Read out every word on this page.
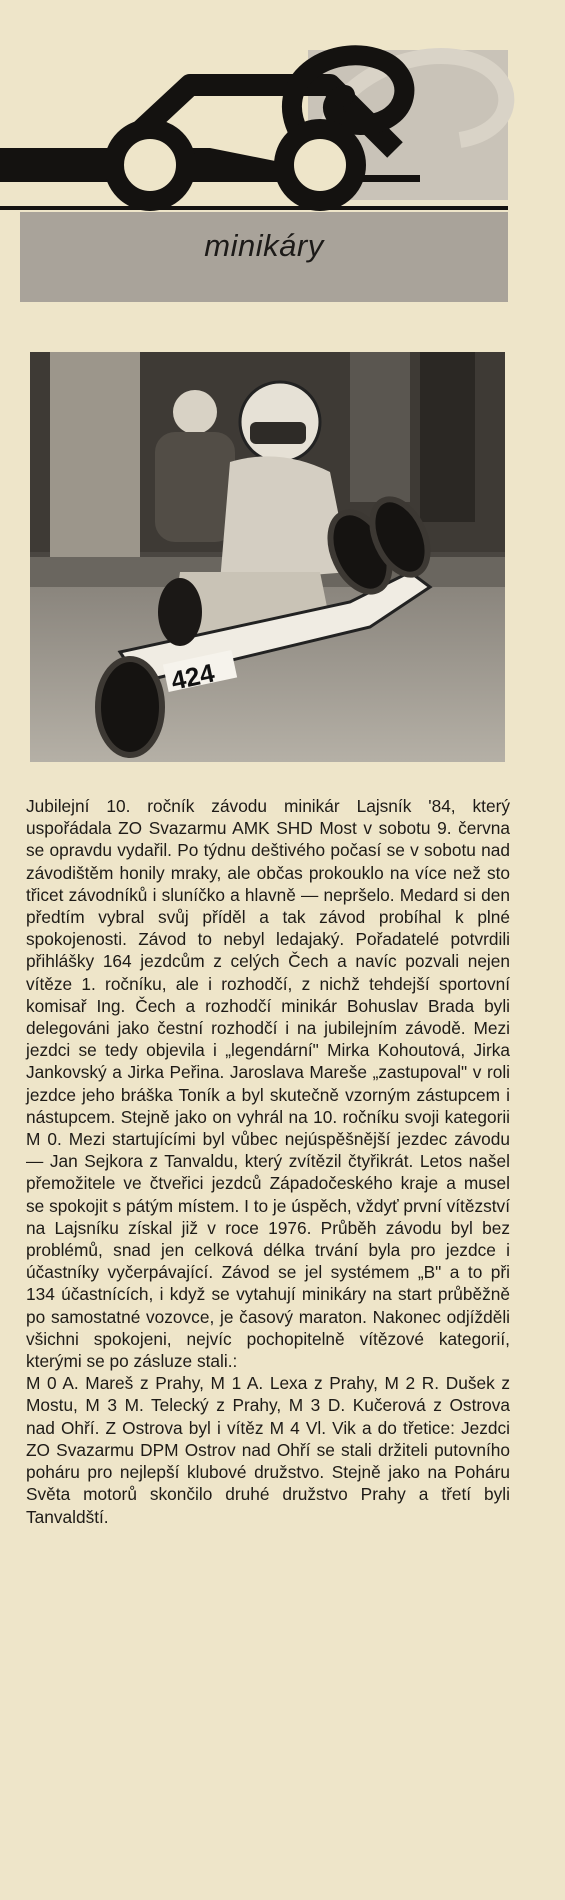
minikáry
424

Jubilejní 10. ročník závodu minikár Lajsník '84, který uspořádala ZO Svazarmu AMK SHD Most v sobotu 9. června se opravdu vydařil. Po týdnu deštivého počasí se v sobotu nad závodištěm honily mraky, ale občas prokouklo na více než sto třicet závodníků i sluníčko a hlavně — nepršelo. Medard si den předtím vybral svůj příděl a tak závod probíhal k plné spokojenosti. Závod to nebyl ledajaký. Pořadatelé potvrdili přihlášky 164 jezdcům z celých Čech a navíc pozvali nejen vítěze 1. ročníku, ale i rozhodčí, z nichž tehdejší sportovní komisař Ing. Čech a rozhodčí minikár Bohuslav Brada byli delegováni jako čestní rozhodčí i na jubilejním závodě. Mezi jezdci se tedy objevila i „legendární" Mirka Kohoutová, Jirka Jankovský a Jirka Peřina. Jaroslava Mareše „zastupoval" v roli jezdce jeho bráška Toník a byl skutečně vzorným zástupcem i nástupcem. Stejně jako on vyhrál na 10. ročníku svoji kategorii M 0. Mezi startujícími byl vůbec nejúspěšnější jezdec závodu — Jan Sejkora z Tanvaldu, který zvítězil čtyřikrát. Letos našel přemožitele ve čtveřici jezdců Západočeského kraje a musel se spokojit s pátým místem. I to je úspěch, vždyť první vítězství na Lajsníku získal již v roce 1976. Průběh závodu byl bez problémů, snad jen celková délka trvání byla pro jezdce i účastníky vyčerpávající. Závod se jel systémem „B" a to při 134 účastnících, i když se vytahují minikáry na start průběžně po samostatné vozovce, je časový maraton. Nakonec odjížděli všichni spokojeni, nejvíc pochopitelně vítězové kategorií, kterými se po zásluze stali.:

M 0 A. Mareš z Prahy, M 1 A. Lexa z Prahy, M 2 R. Dušek z Mostu, M 3 M. Telecký z Prahy, M 3 D. Kučerová z Ostrova nad Ohří. Z Ostrova byl i vítěz M 4 Vl. Vik a do třetice: Jezdci ZO Svazarmu DPM Ostrov nad Ohří se stali držiteli putovního poháru pro nejlepší klubové družstvo. Stejně jako na Poháru Světa motorů skončilo druhé družstvo Prahy a třetí byli Tanvaldští.
